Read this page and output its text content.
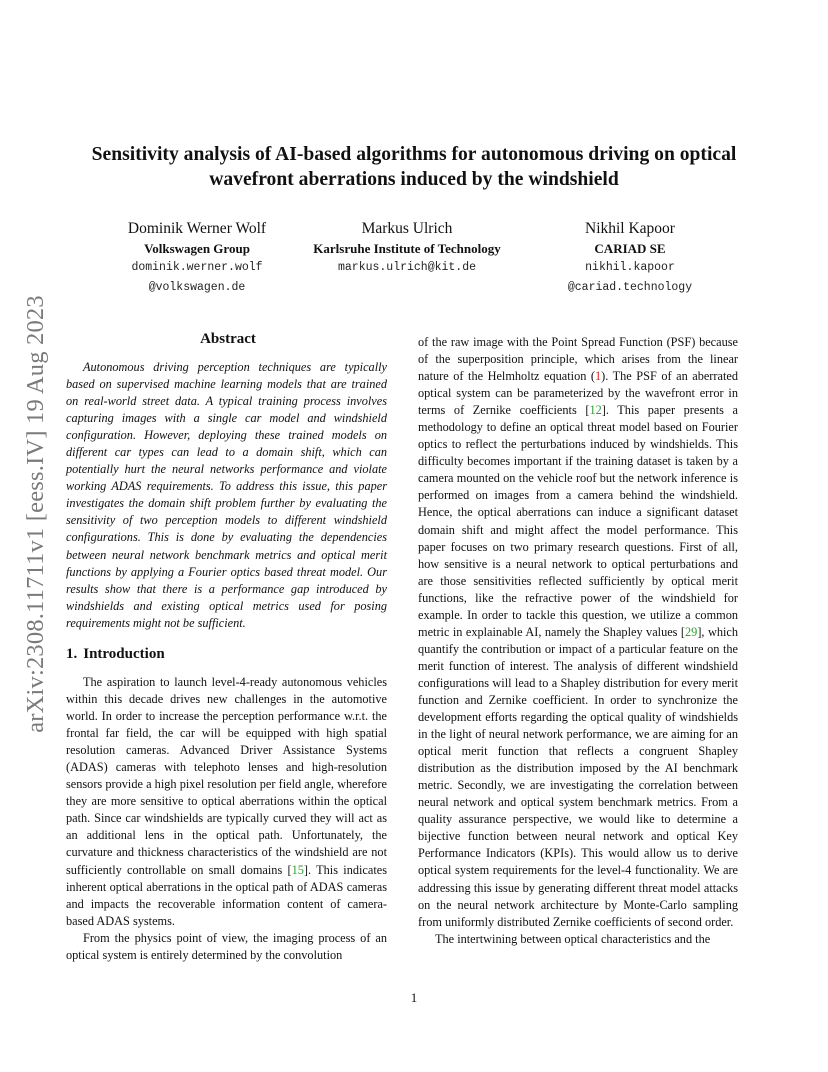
arXiv:2308.11711v1 [eess.IV] 19 Aug 2023
Sensitivity analysis of AI-based algorithms for autonomous driving on optical wavefront aberrations induced by the windshield
Dominik Werner Wolf
Volkswagen Group
dominik.werner.wolf
@volkswagen.de
Markus Ulrich
Karlsruhe Institute of Technology
markus.ulrich@kit.de
Nikhil Kapoor
CARIAD SE
nikhil.kapoor
@cariad.technology
Abstract

Autonomous driving perception techniques are typically based on supervised machine learning models that are trained on real-world street data. A typical training process involves capturing images with a single car model and windshield configuration. However, deploying these trained models on different car types can lead to a domain shift, which can potentially hurt the neural networks performance and violate working ADAS requirements. To address this issue, this paper investigates the domain shift problem further by evaluating the sensitivity of two perception models to different windshield configurations. This is done by evaluating the dependencies between neural network benchmark metrics and optical merit functions by applying a Fourier optics based threat model. Our results show that there is a performance gap introduced by windshields and existing optical metrics used for posing requirements might not be sufficient.

1. Introduction

The aspiration to launch level-4-ready autonomous vehicles within this decade drives new challenges in the automotive world. In order to increase the perception performance w.r.t. the frontal far field, the car will be equipped with high spatial resolution cameras. Advanced Driver Assistance Systems (ADAS) cameras with telephoto lenses and high-resolution sensors provide a high pixel resolution per field angle, wherefore they are more sensitive to optical aberrations within the optical path. Since car windshields are typically curved they will act as an additional lens in the optical path. Unfortunately, the curvature and thickness characteristics of the windshield are not sufficiently controllable on small domains [15]. This indicates inherent optical aberrations in the optical path of ADAS cameras and impacts the recoverable information content of camera-based ADAS systems.

From the physics point of view, the imaging process of an optical system is entirely determined by the convolution

of the raw image with the Point Spread Function (PSF) because of the superposition principle, which arises from the linear nature of the Helmholtz equation (1). The PSF of an aberrated optical system can be parameterized by the wavefront error in terms of Zernike coefficients [12]. This paper presents a methodology to define an optical threat model based on Fourier optics to reflect the perturbations induced by windshields. This difficulty becomes important if the training dataset is taken by a camera mounted on the vehicle roof but the network inference is performed on images from a camera behind the windshield. Hence, the optical aberrations can induce a significant dataset domain shift and might affect the model performance. This paper focuses on two primary research questions. First of all, how sensitive is a neural network to optical perturbations and are those sensitivities reflected sufficiently by optical merit functions, like the refractive power of the windshield for example. In order to tackle this question, we utilize a common metric in explainable AI, namely the Shapley values [29], which quantify the contribution or impact of a particular feature on the merit function of interest. The analysis of different windshield configurations will lead to a Shapley distribution for every merit function and Zernike coefficient. In order to synchronize the development efforts regarding the optical quality of windshields in the light of neural network performance, we are aiming for an optical merit function that reflects a congruent Shapley distribution as the distribution imposed by the AI benchmark metric. Secondly, we are investigating the correlation between neural network and optical system benchmark metrics. From a quality assurance perspective, we would like to determine a bijective function between neural network and optical Key Performance Indicators (KPIs). This would allow us to derive optical system requirements for the level-4 functionality. We are addressing this issue by generating different threat model attacks on the neural network architecture by Monte-Carlo sampling from uniformly distributed Zernike coefficients of second order.

The intertwining between optical characteristics and the

1
